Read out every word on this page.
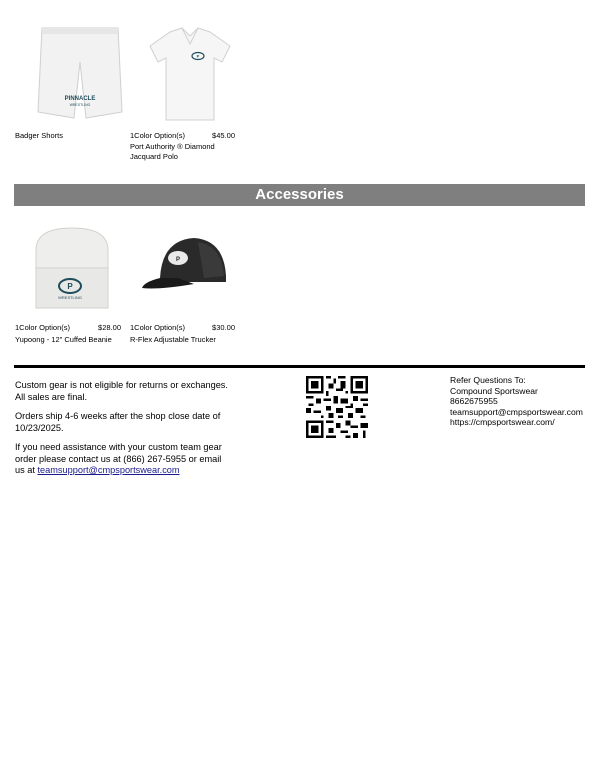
PINNACLE
WRESTLING
P
Badger Shorts	1Color Option(s)	$45.00
Port Authority ® Diamond
Jacquard Polo
Accessories
P
WRESTLING
P
1Color Option(s)	$28.00
Yupoong - 12" Cuffed Beanie
1Color Option(s)	$30.00
R-Flex Adjustable Trucker
Custom gear is not eligible for returns or exchanges. All sales are final.
Orders ship 4-6 weeks after the shop close date of 10/23/2025.
If you need assistance with your custom team gear order please contact us at (866) 267-5955 or email us at teamsupport@cmpsportswear.com
Refer Questions To:
Compound Sportswear
8662675955
teamsupport@cmpsportswear.com
https://cmpsportswear.com/
